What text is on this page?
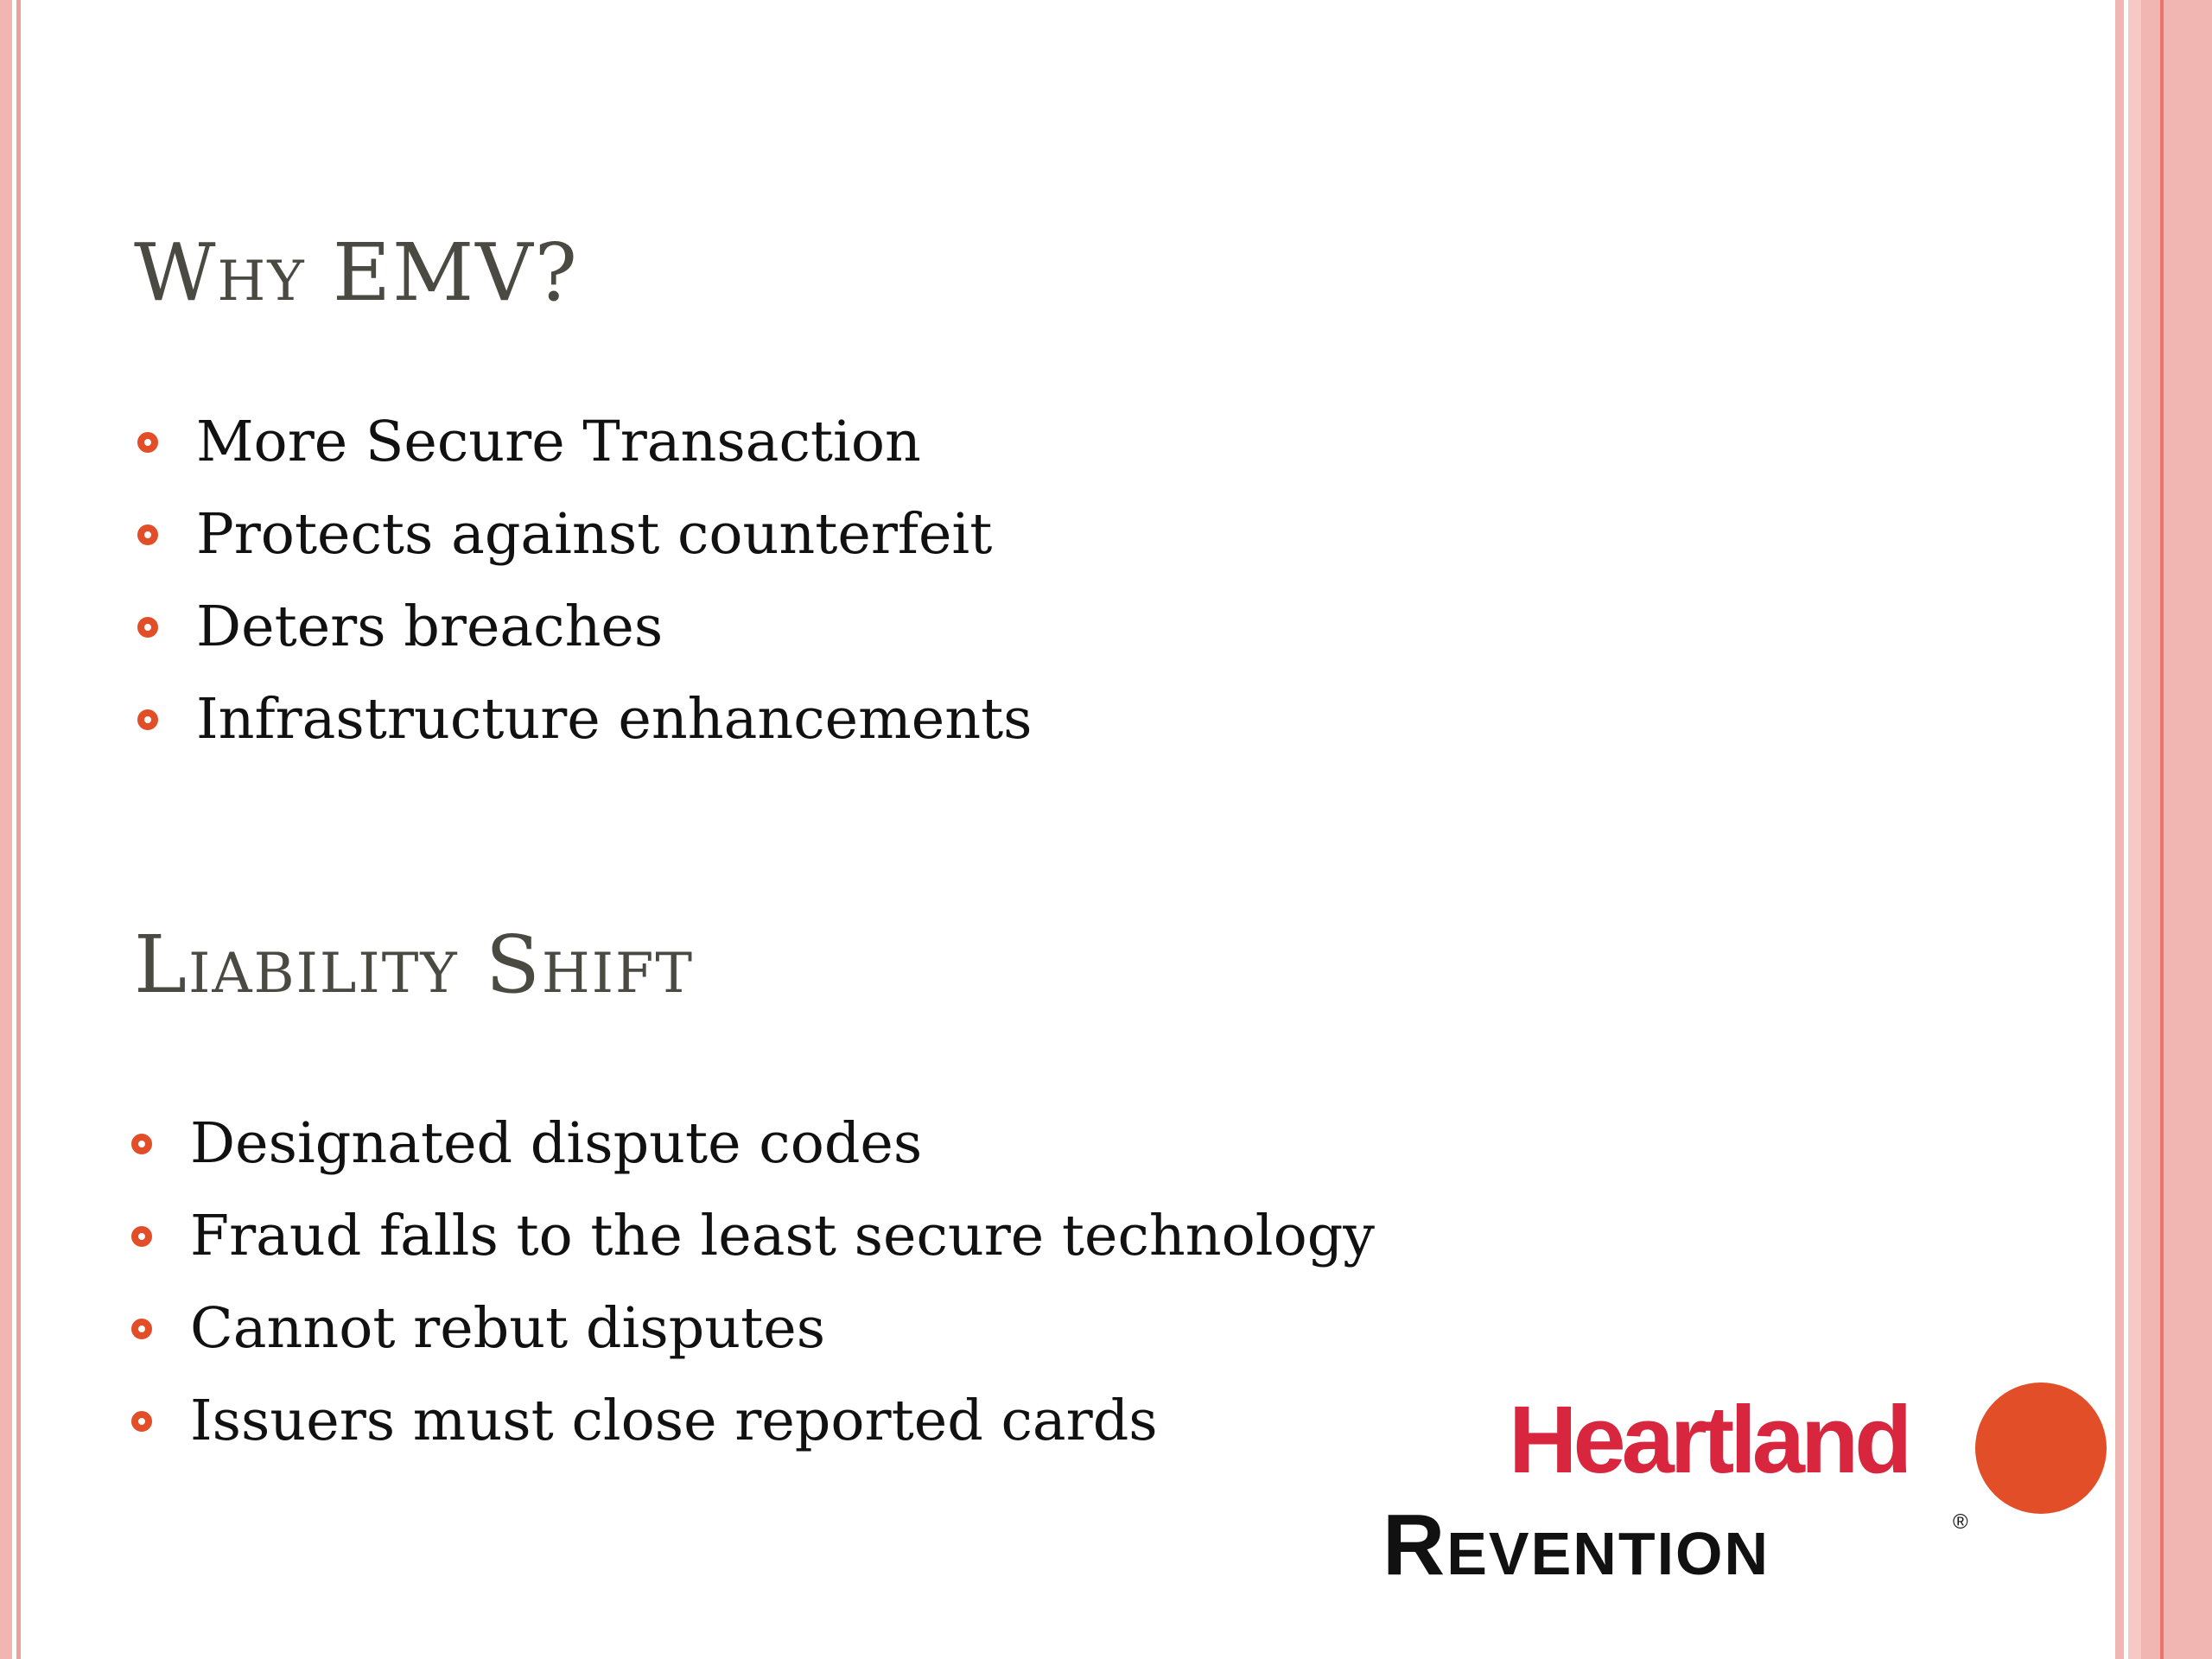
Why EMV?
More Secure Transaction
Protects against counterfeit
Deters breaches
Infrastructure enhancements
Liability Shift
Designated dispute codes
Fraud falls to the least secure technology
Cannot rebut disputes
Issuers must close reported cards	Heartland
Revention	®
